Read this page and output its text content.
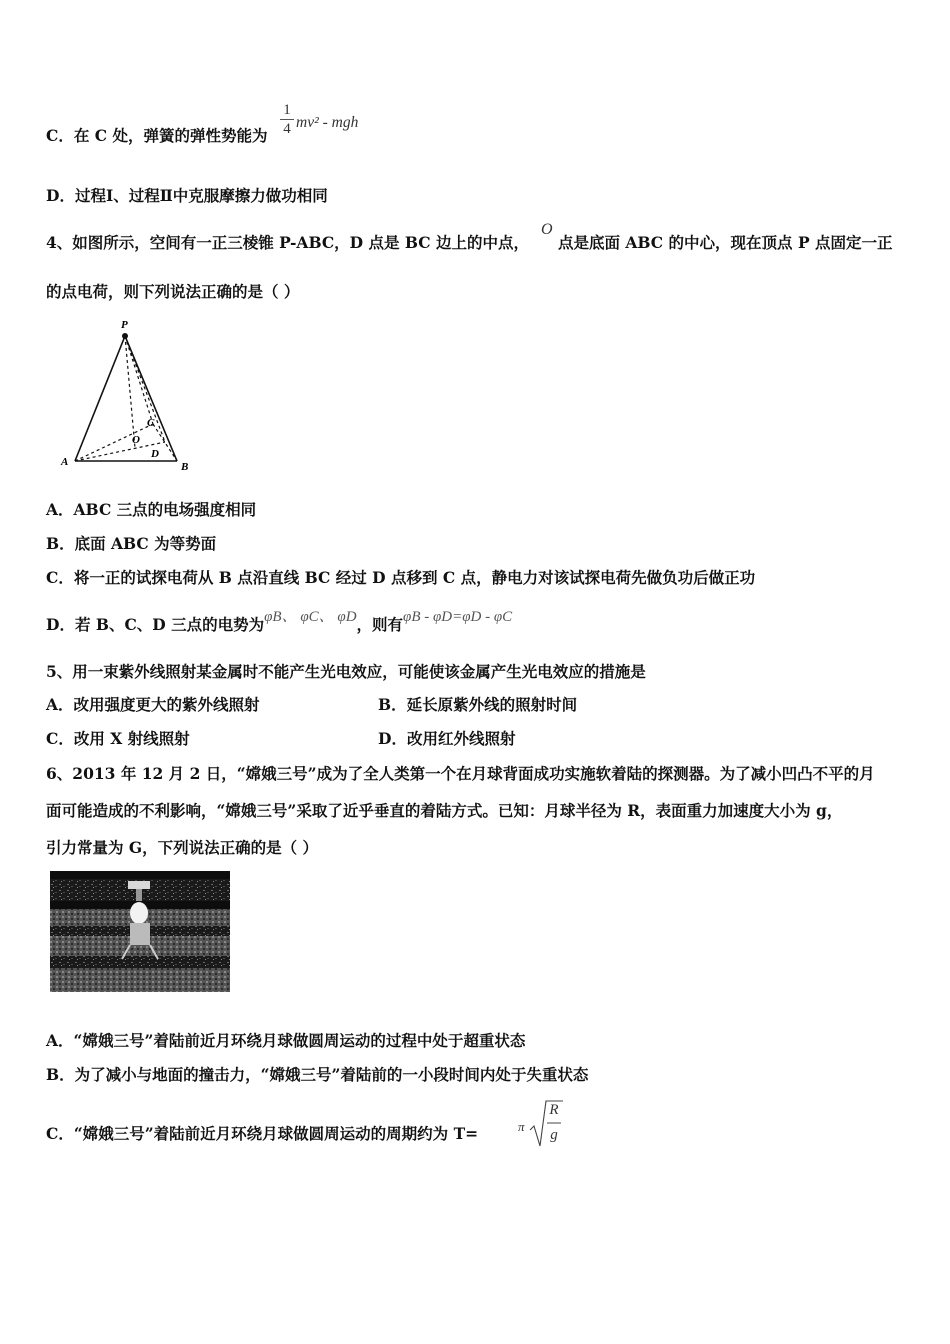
C．在 C 处，弹簧的弹性势能为
1
4 mv² - mgh
D．过程Ⅰ、过程Ⅱ中克服摩擦力做功相同
4、如图所示，空间有一正三棱锥 P-ABC，D 点是 BC 边上的中点，
O
点是底面 ABC 的中心，现在顶点 P 点固定一正
的点电荷，则下列说法正确的是（ ）
P
A	B
C
D
O
A．ABC 三点的电场强度相同
B．底面 ABC 为等势面
C．将一正的试探电荷从 B 点沿直线 BC 经过 D 点移到 C 点，静电力对该试探电荷先做负功后做正功
D．若 B、C、D 三点的电势为φB、 φC、 φD，则有φB - φD=φD - φC
5、用一束紫外线照射某金属时不能产生光电效应，可能使该金属产生光电效应的措施是
A．改用强度更大的紫外线照射	B．延长原紫外线的照射时间
C．改用 X 射线照射	D．改用红外线照射
6、2013 年 12 月 2 日，“嫦娥三号”成为了全人类第一个在月球背面成功实施软着陆的探测器。为了减小凹凸不平的月
面可能造成的不利影响，“嫦娥三号”采取了近乎垂直的着陆方式。已知：月球半径为 R，表面重力加速度大小为 g，
引力常量为 G，下列说法正确的是（ ）
A．“嫦娥三号”着陆前近月环绕月球做圆周运动的过程中处于超重状态
B．为了减小与地面的撞击力，“嫦娥三号”着陆前的一小段时间内处于失重状态
C．“嫦娥三号”着陆前近月环绕月球做圆周运动的周期约为 T=	π
R
g
